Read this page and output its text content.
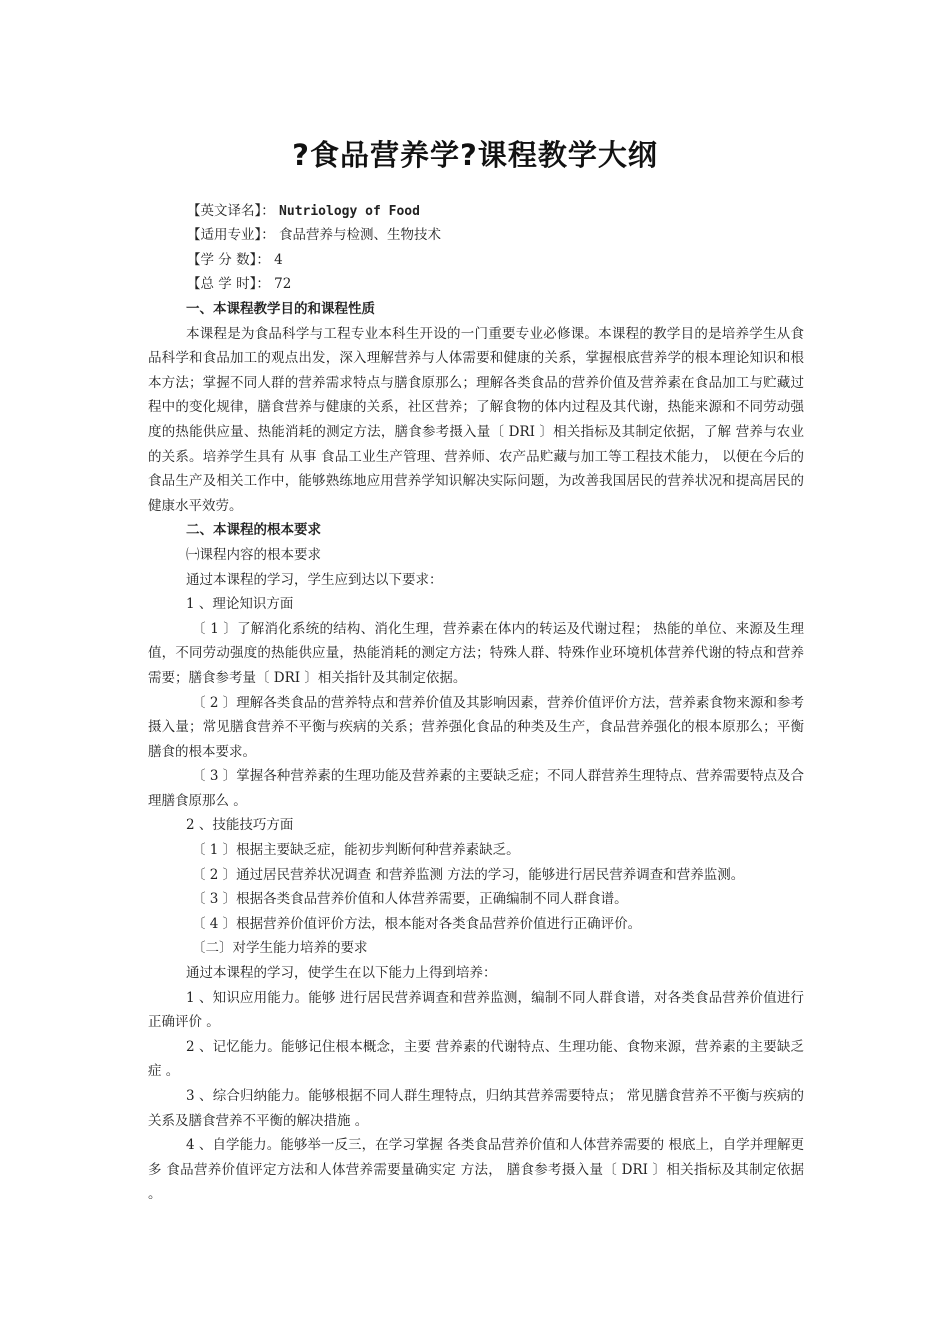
?食品营养学?课程教学大纲
【英文译名】： Nutriology of Food
【适用专业】： 食品营养与检测、生物技术
【学 分 数】： 4
【总 学 时】： 72

一、本课程教学目的和课程性质

本课程是为食品科学与工程专业本科生开设的一门重要专业必修课。本课程的教学目的是培养学生从食品科学和食品加工的观点出发，深入理解营养与人体需要和健康的关系，掌握根底营养学的根本理论知识和根本方法；掌握不同人群的营养需求特点与膳食原那么；理解各类食品的营养价值及营养素在食品加工与贮藏过程中的变化规律，膳食营养与健康的关系，社区营养；了解食物的体内过程及其代谢，热能来源和不同劳动强度的热能供应量、热能消耗的测定方法，膳食参考摄入量〔 DRI 〕相关指标及其制定依据，了解 营养与农业的关系。培养学生具有 从事 食品工业生产管理、营养师、农产品贮藏与加工等工程技术能力， 以便在今后的食品生产及相关工作中，能够熟练地应用营养学知识解决实际问题，为改善我国居民的营养状况和提高居民的健康水平效劳。

二、本课程的根本要求

㈠课程内容的根本要求

通过本课程的学习，学生应到达以下要求：

1 、理论知识方面

〔 1 〕了解消化系统的结构、消化生理，营养素在体内的转运及代谢过程； 热能的单位、来源及生理值，不同劳动强度的热能供应量，热能消耗的测定方法；特殊人群、特殊作业环境机体营养代谢的特点和营养需要；膳食参考量〔 DRI 〕相关指针及其制定依据。

〔 2 〕理解各类食品的营养特点和营养价值及其影响因素，营养价值评价方法，营养素食物来源和参考摄入量；常见膳食营养不平衡与疾病的关系；营养强化食品的种类及生产，食品营养强化的根本原那么；平衡膳食的根本要求。

〔 3 〕掌握各种营养素的生理功能及营养素的主要缺乏症；不同人群营养生理特点、营养需要特点及合理膳食原那么 。

2 、技能技巧方面

〔 1 〕根据主要缺乏症，能初步判断何种营养素缺乏。

〔 2 〕通过居民营养状况调查 和营养监测 方法的学习，能够进行居民营养调查和营养监测。

〔 3 〕根据各类食品营养价值和人体营养需要，正确编制不同人群食谱。

〔 4 〕根据营养价值评价方法，根本能对各类食品营养价值进行正确评价。

〔二〕对学生能力培养的要求

通过本课程的学习，使学生在以下能力上得到培养：

1 、知识应用能力。能够 进行居民营养调查和营养监测，编制不同人群食谱，对各类食品营养价值进行正确评价 。

2 、记忆能力。能够记住根本概念，主要 营养素的代谢特点、生理功能、食物来源，营养素的主要缺乏症 。

3 、综合归纳能力。能够根据不同人群生理特点，归纳其营养需要特点； 常见膳食营养不平衡与疾病的关系及膳食营养不平衡的解决措施 。

4 、自学能力。能够举一反三，在学习掌握 各类食品营养价值和人体营养需要的 根底上，自学并理解更多 食品营养价值评定方法和人体营养需要量确实定 方法， 膳食参考摄入量〔 DRI 〕相关指标及其制定依据 。
